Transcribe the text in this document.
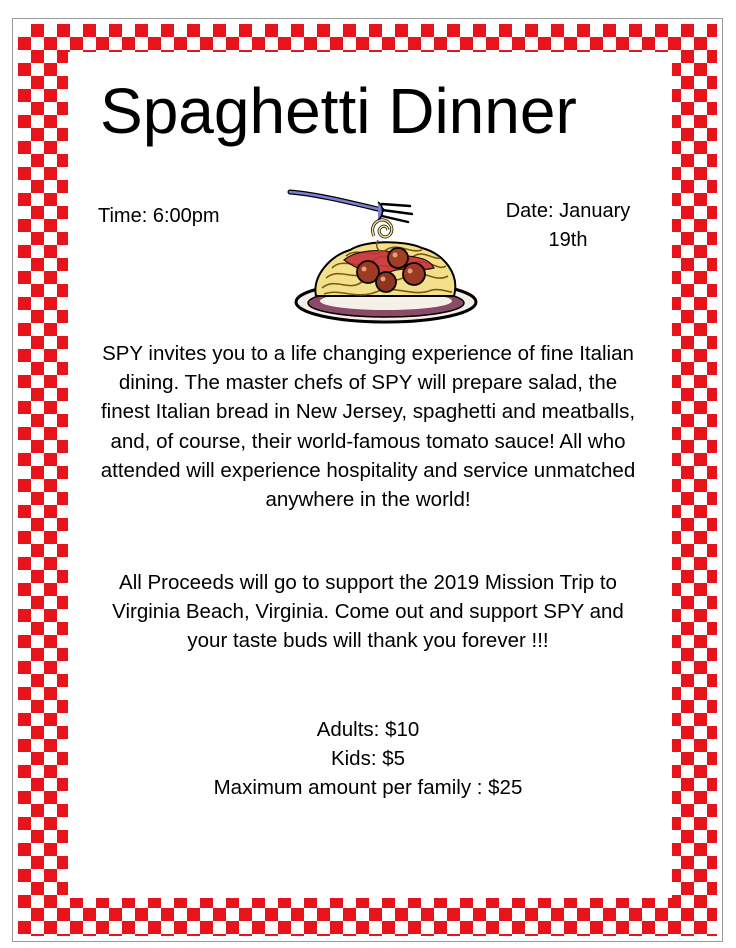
Spaghetti Dinner
Time: 6:00pm	Date: January
19th
SPY invites you to a life changing experience of fine Italian dining. The master chefs of SPY will prepare salad, the finest Italian bread in New Jersey, spaghetti and meatballs, and, of course, their world-famous tomato sauce! All who attended will experience hospitality and service unmatched anywhere in the world!
All Proceeds will go to support the 2019 Mission Trip to Virginia Beach, Virginia. Come out and support SPY and your taste buds will thank you forever !!!
Adults: $10
Kids: $5
Maximum amount per family : $25
